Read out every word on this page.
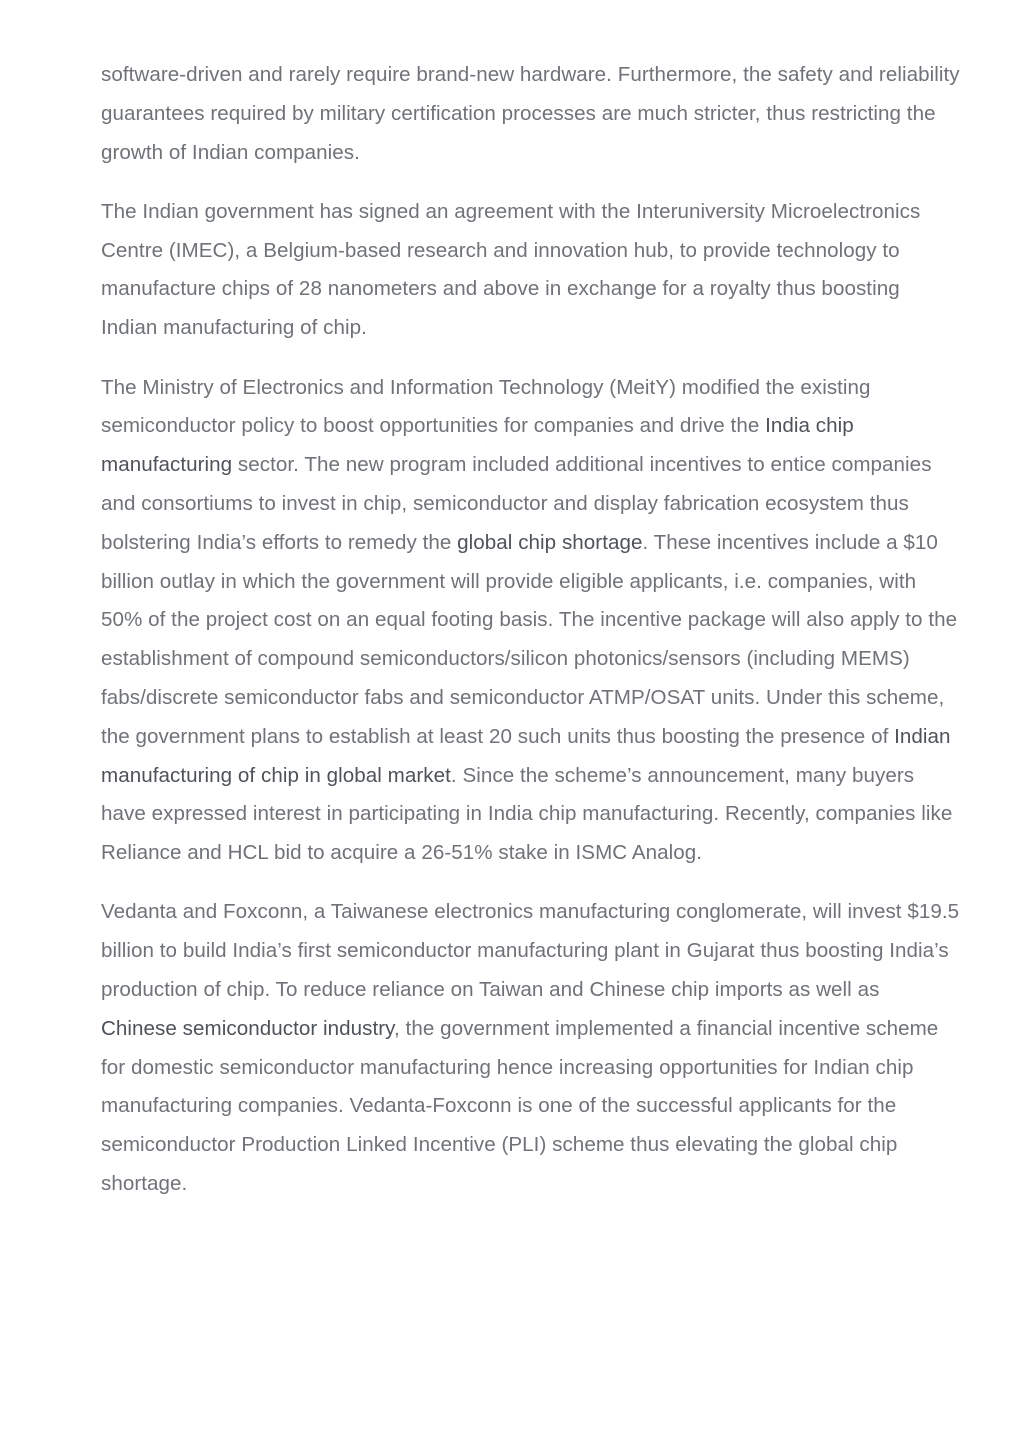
software-driven and rarely require brand-new hardware. Furthermore, the safety and reliability guarantees required by military certification processes are much stricter, thus restricting the growth of Indian companies.

The Indian government has signed an agreement with the Interuniversity Microelectronics Centre (IMEC), a Belgium-based research and innovation hub, to provide technology to manufacture chips of 28 nanometers and above in exchange for a royalty thus boosting Indian manufacturing of chip.

The Ministry of Electronics and Information Technology (MeitY) modified the existing semiconductor policy to boost opportunities for companies and drive the India chip manufacturing sector. The new program included additional incentives to entice companies and consortiums to invest in chip, semiconductor and display fabrication ecosystem thus bolstering India’s efforts to remedy the global chip shortage. These incentives include a $10 billion outlay in which the government will provide eligible applicants, i.e. companies, with 50% of the project cost on an equal footing basis. The incentive package will also apply to the establishment of compound semiconductors/silicon photonics/sensors (including MEMS) fabs/discrete semiconductor fabs and semiconductor ATMP/OSAT units. Under this scheme, the government plans to establish at least 20 such units thus boosting the presence of Indian manufacturing of chip in global market. Since the scheme’s announcement, many buyers have expressed interest in participating in India chip manufacturing. Recently, companies like Reliance and HCL bid to acquire a 26-51% stake in ISMC Analog.

Vedanta and Foxconn, a Taiwanese electronics manufacturing conglomerate, will invest $19.5 billion to build India’s first semiconductor manufacturing plant in Gujarat thus boosting India’s production of chip. To reduce reliance on Taiwan and Chinese chip imports as well as Chinese semiconductor industry, the government implemented a financial incentive scheme for domestic semiconductor manufacturing hence increasing opportunities for Indian chip manufacturing companies. Vedanta-Foxconn is one of the successful applicants for the semiconductor Production Linked Incentive (PLI) scheme thus elevating the global chip shortage.
